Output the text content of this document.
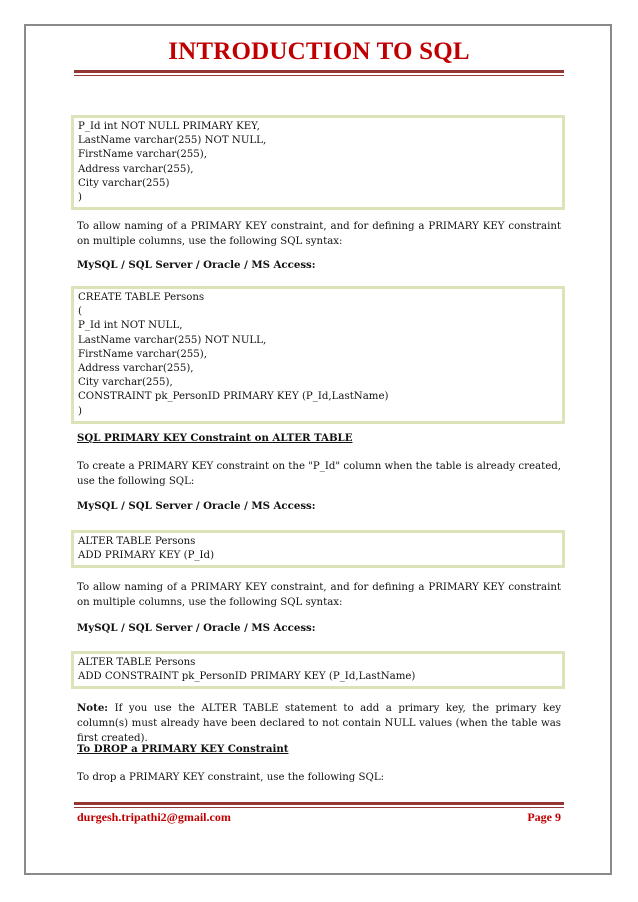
INTRODUCTION TO SQL
P_Id int NOT NULL PRIMARY KEY,
LastName varchar(255) NOT NULL,
FirstName varchar(255),
Address varchar(255),
City varchar(255)
)
To allow naming of a PRIMARY KEY constraint, and for defining a PRIMARY KEY constraint on multiple columns, use the following SQL syntax:
MySQL / SQL Server / Oracle / MS Access:
CREATE TABLE Persons
(
P_Id int NOT NULL,
LastName varchar(255) NOT NULL,
FirstName varchar(255),
Address varchar(255),
City varchar(255),
CONSTRAINT pk_PersonID PRIMARY KEY (P_Id,LastName)
)
SQL PRIMARY KEY Constraint on ALTER TABLE
To create a PRIMARY KEY constraint on the "P_Id" column when the table is already created, use the following SQL:
MySQL / SQL Server / Oracle / MS Access:
ALTER TABLE Persons
ADD PRIMARY KEY (P_Id)
To allow naming of a PRIMARY KEY constraint, and for defining a PRIMARY KEY constraint on multiple columns, use the following SQL syntax:
MySQL / SQL Server / Oracle / MS Access:
ALTER TABLE Persons
ADD CONSTRAINT pk_PersonID PRIMARY KEY (P_Id,LastName)
Note: If you use the ALTER TABLE statement to add a primary key, the primary key column(s) must already have been declared to not contain NULL values (when the table was first created).
To DROP a PRIMARY KEY Constraint
To drop a PRIMARY KEY constraint, use the following SQL:
durgesh.tripathi2@gmail.com	Page 9
